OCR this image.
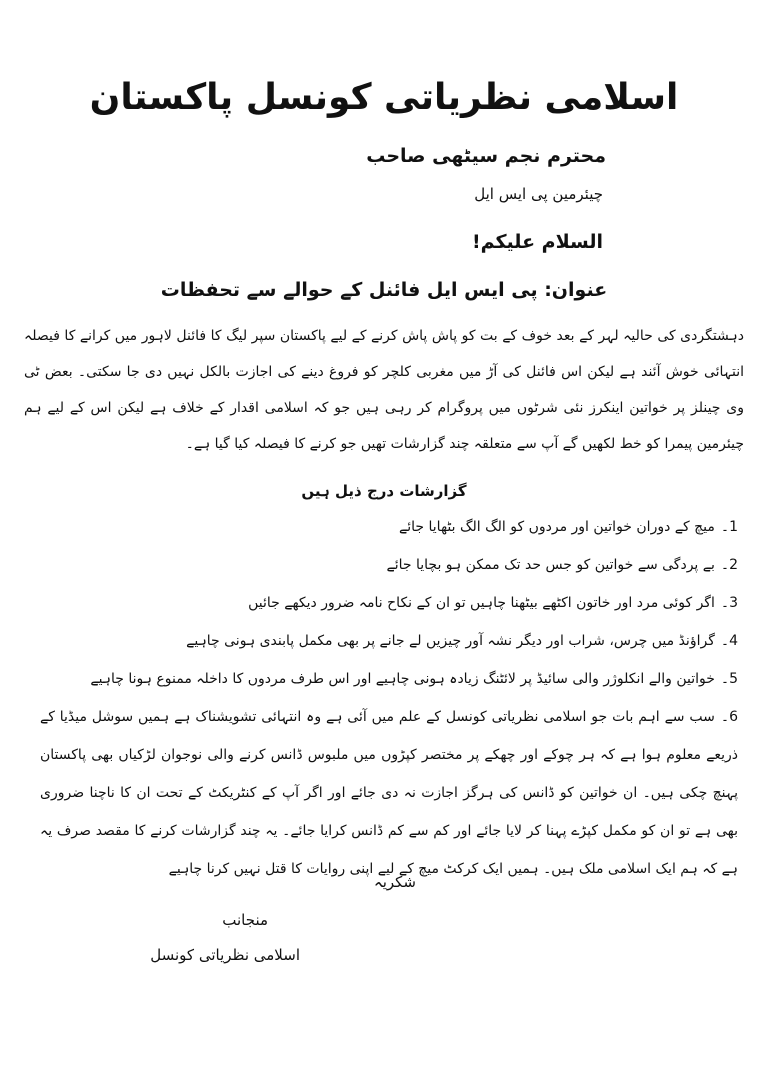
اسلامی نظریاتی کونسل پاکستان
محترم نجم سیٹھی صاحب
چیئرمین پی ایس ایل
السلام علیکم!
عنوان: پی ایس ایل فائنل کے حوالے سے تحفظات

دہشتگردی کی حالیہ لہر کے بعد خوف کے بت کو پاش پاش کرنے کے لیے پاکستان سپر لیگ کا فائنل لاہور میں کرانے کا فیصلہ انتہائی خوش آئند ہے لیکن اس فائنل کی آڑ میں مغربی کلچر کو فروغ دینے کی اجازت بالکل نہیں دی جا سکتی۔ بعض ٹی وی چینلز پر خواتین اینکرز نئی شرٹوں میں پروگرام کر رہی ہیں جو کہ اسلامی اقدار کے خلاف ہے لیکن اس کے لیے ہم چیئرمین پیمرا کو خط لکھیں گے آپ سے متعلقہ چند گزارشات تھیں جو کرنے کا فیصلہ کیا گیا ہے۔

گزارشات درج ذیل ہیں
1۔میچ کے دوران خواتین اور مردوں کو الگ الگ بٹھایا جائے
2۔بے پردگی سے خواتین کو جس حد تک ممکن ہو بچایا جائے
3۔اگر کوئی مرد اور خاتون اکٹھے بیٹھنا چاہیں تو ان کے نکاح نامہ ضرور دیکھے جائیں
4۔گراؤنڈ میں چرس، شراب اور دیگر نشہ آور چیزیں لے جانے پر بھی مکمل پابندی ہونی چاہیے
5۔خواتین والے انکلوژر والی سائیڈ پر لائٹنگ زیادہ ہونی چاہیے اور اس طرف مردوں کا داخلہ ممنوع ہونا چاہیے
6۔سب سے اہم بات جو اسلامی نظریاتی کونسل کے علم میں آئی ہے وہ انتہائی تشویشناک ہے ہمیں سوشل میڈیا کے ذریعے معلوم ہوا ہے کہ ہر چوکے اور چھکے پر مختصر کپڑوں میں ملبوس ڈانس کرنے والی نوجوان لڑکیاں بھی پاکستان پہنچ چکی ہیں۔ ان خواتین کو ڈانس کی ہرگز اجازت نہ دی جائے اور اگر آپ کے کنٹریکٹ کے تحت ان کا ناچنا ضروری بھی ہے تو ان کو مکمل کپڑے پہنا کر لایا جائے اور کم سے کم ڈانس کرایا جائے۔ یہ چند گزارشات کرنے کا مقصد صرف یہ ہے کہ ہم ایک اسلامی ملک ہیں۔ ہمیں ایک کرکٹ میچ کے لیے اپنی روایات کا قتل نہیں کرنا چاہیے
شکریہ
منجانب
اسلامی نظریاتی کونسل
